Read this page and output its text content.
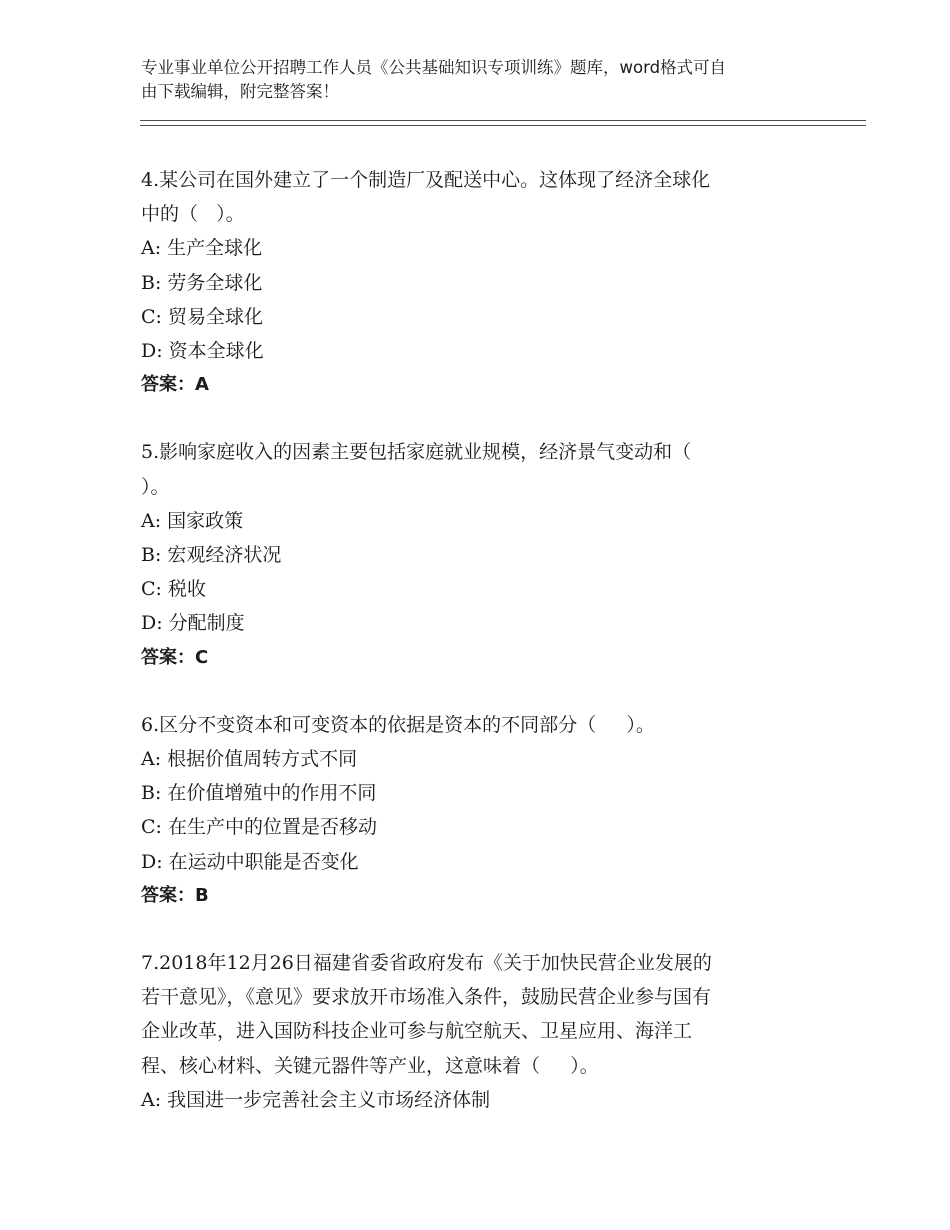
专业事业单位公开招聘工作人员《公共基础知识专项训练》题库，word格式可自
由下载编辑，附完整答案！

4.某公司在国外建立了一个制造厂及配送中心。这体现了经济全球化

中的（   ）。

A: 生产全球化

B: 劳务全球化

C: 贸易全球化

D: 资本全球化

答案：A

5.影响家庭收入的因素主要包括家庭就业规模，经济景气变动和（

）。

A: 国家政策

B: 宏观经济状况

C: 税收

D: 分配制度

答案：C

6.区分不变资本和可变资本的依据是资本的不同部分（     ）。

A: 根据价值周转方式不同

B: 在价值增殖中的作用不同

C: 在生产中的位置是否移动

D: 在运动中职能是否变化

答案：B

7.2018年12月26日福建省委省政府发布《关于加快民营企业发展的

若干意见》，《意见》要求放开市场准入条件，鼓励民营企业参与国有

企业改革，进入国防科技企业可参与航空航天、卫星应用、海洋工

程、核心材料、关键元器件等产业，这意味着（     ）。

A: 我国进一步完善社会主义市场经济体制
